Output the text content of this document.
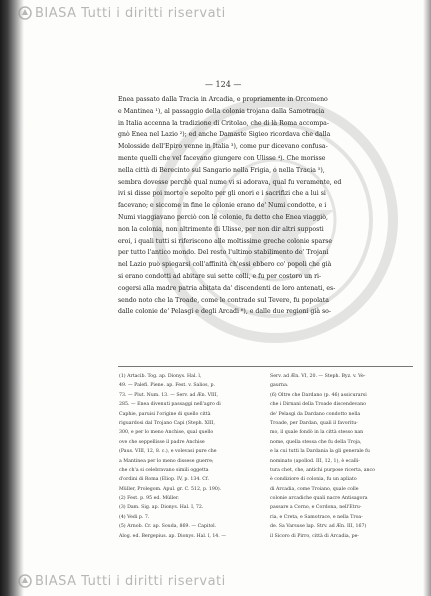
BIASA Tutti i diritti riservati
— 124 —
Enea passato dalla Tracia in Arcadia, e propriamente in Orcomeno
e Mantinea ¹), al passaggio della colonia trojana dalla Samotracia
in Italia accenna la tradizione di Critolao, che di là Roma accompa-
gnò Enea nel Lazio ²); ed anche Damaste Sigieo ricordava che dalla
Molosside dell'Epiro venne in Italia ³), come pur dicevano confusa-
mente quelli che vel facevano giungere con Ulisse ⁴). Che morisse
nella città di Berecinto sul Sangario nella Frigia, o nella Tracia ⁵),
sembra dovesse perchè qual nume vi si adorava, qual fu veramente, ed
ivi si disse poi morto e sepolto per gli onori e i sacrifizi che a lui si
facevano; e siccome in fine le colonie erano de' Numi condotte, e i
Numi viaggiavano perciò con le colonie, fu detto che Enea viaggiò,
non la colonia, non altrimente di Ulisse, per non dir altri supposti
eroi, i quali tutti si riferiscono alle moltissime greche colonie sparse
per tutto l'antico mondo. Del resto l'ultimo stabilimento de' Trojani
nel Lazio può spiegarsi coll'affinità ch'essi ebbero co' popoli che già
si erano condotti ad abitare sui sette colli, e fu per costoro un ri-
cogersi alla madre patria abitata da' discendenti de loro antenati, es-
sendo noto che la Troade, come le contrade sul Tevere, fu popolata
dalle colonie de' Pelasgi e degli Arcadi ⁶), e dalle due regioni già so-
(1) Artacib. Tog. ap. Dionys. Hal. l,
49. — Palefi. Piene. ap. Fest. v. Salios, p.
73. — Plut. Num. 13. — Serv. ad Æn. VIII,
285. — Enea divenuti passaggi nell'agro di
Caphie, paruisi l'origine di quello città
riguardosi dal Trojano Capi (Steph. XIII,
300, e per lo meno Anchise, qual quello
ove che seppellisse il padre Anchise
(Paus. VIII, 12, 8. c.), e volevasi pure che
a Mantinea per lo meno dissese guerre;
che ch'a si celebravano simili oggetta
d'ordini di Roma (Eliop. IV, p. 134. Cf.
Müller, Prolegom. Apul. gr. C. 512, p. 190).
(2) Fest. p. 95 ed. Müller.
(3) Dam. Sig. ap. Dionys. Hal. I, 72.
(4) Vedi p. 7.
(5) Arnob. Cr. ap. Souda, 869. — Capitol.
Alog. ed. Bergepius. ap. Dionys. Hal. l, 14. —
Serv. ad Æn. VI, 20. — Steph. Byz. v. Ve-
gaurna.
(6) Oltre che Dardano (p. 46) assicurarsi
che i Dirnani della Troade discendevano
de' Pelasgi da Dardano condotto nella
Troade, per Dardan, quali il favoritu-
mo, il quale fondò in la città stesso nan
nome, quella stessa che fu della Troja,
e la cui tutti la Dardania la gli generale fu
nominato (apollod. III, 12, 1), è ecalli-
tura chet, che, antichi purpose ricerta, anco
è condiziore di colonia, fu un apliato
di Arcadia, come Troiano, quale colle
colonie arcadiche quali nacre Antisagora
passare a Corno, e Cordona, nell'Etru-
ria, e Creta, e Samotrace, e nella Troa-
de. Sa Varsuse lap. Strv. ad Æn. III, 167)
il Sicoro di Pirro, città di Arcadia, pe-
BIASA Tutti i diritti riservati
